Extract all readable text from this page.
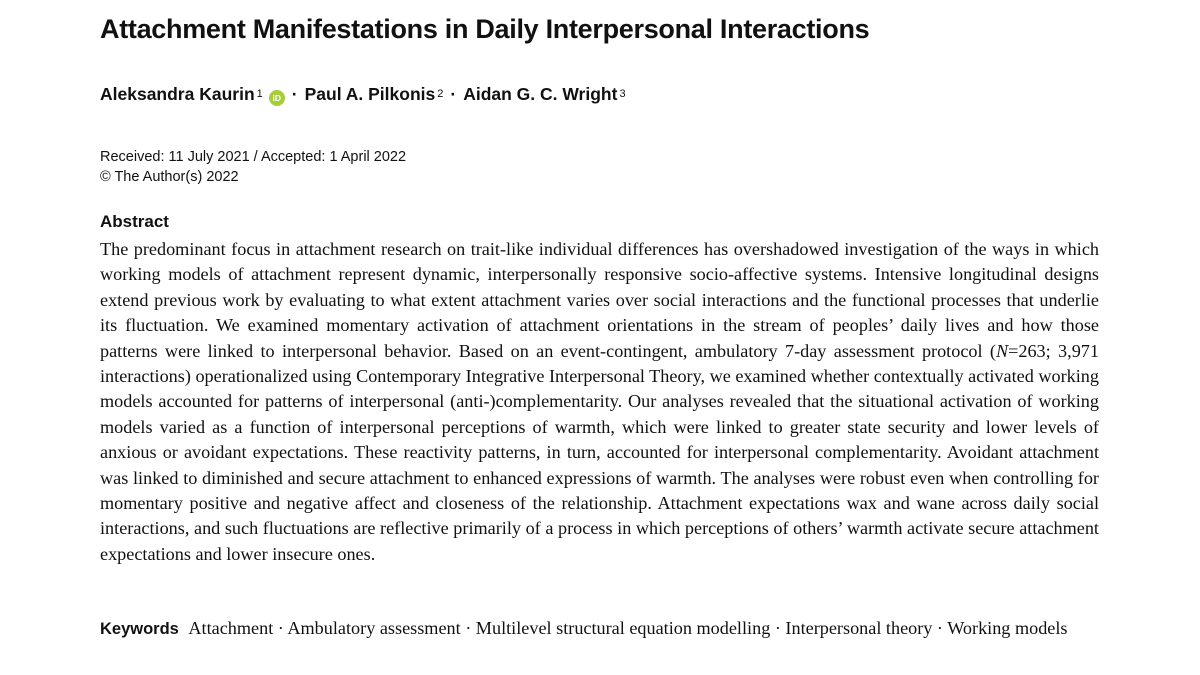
Attachment Manifestations in Daily Interpersonal Interactions
Aleksandra Kaurin$^1$	iD · Paul A. Pilkonis$^2$ · Aidan G. C. Wright$^3$
Received: 11 July 2021 / Accepted: 1 April 2022
© The Author(s) 2022
Abstract

The predominant focus in attachment research on trait-like individual differences has overshadowed investigation of the ways in which working models of attachment represent dynamic, interpersonally responsive socio-affective systems. Intensive longitudinal designs extend previous work by evaluating to what extent attachment varies over social interactions and the functional processes that underlie its fluctuation. We examined momentary activation of attachment orientations in the stream of peoples’ daily lives and how those patterns were linked to interpersonal behavior. Based on an event-contingent, ambulatory 7-day assessment protocol (N=263; 3,971 interactions) operationalized using Contemporary Integrative Interpersonal Theory, we examined whether contextually activated working models accounted for patterns of interpersonal (anti-)complementarity. Our analyses revealed that the situational activation of working models varied as a function of interpersonal perceptions of warmth, which were linked to greater state security and lower levels of anxious or avoidant expectations. These reactivity patterns, in turn, accounted for interpersonal complementarity. Avoidant attachment was linked to diminished and secure attachment to enhanced expressions of warmth. The analyses were robust even when controlling for momentary positive and negative affect and closeness of the relationship. Attachment expectations wax and wane across daily social interactions, and such fluctuations are reflective primarily of a process in which perceptions of others’ warmth activate secure attachment expectations and lower insecure ones.

Keywords Attachment · Ambulatory assessment · Multilevel structural equation modelling · Interpersonal theory · Working models
